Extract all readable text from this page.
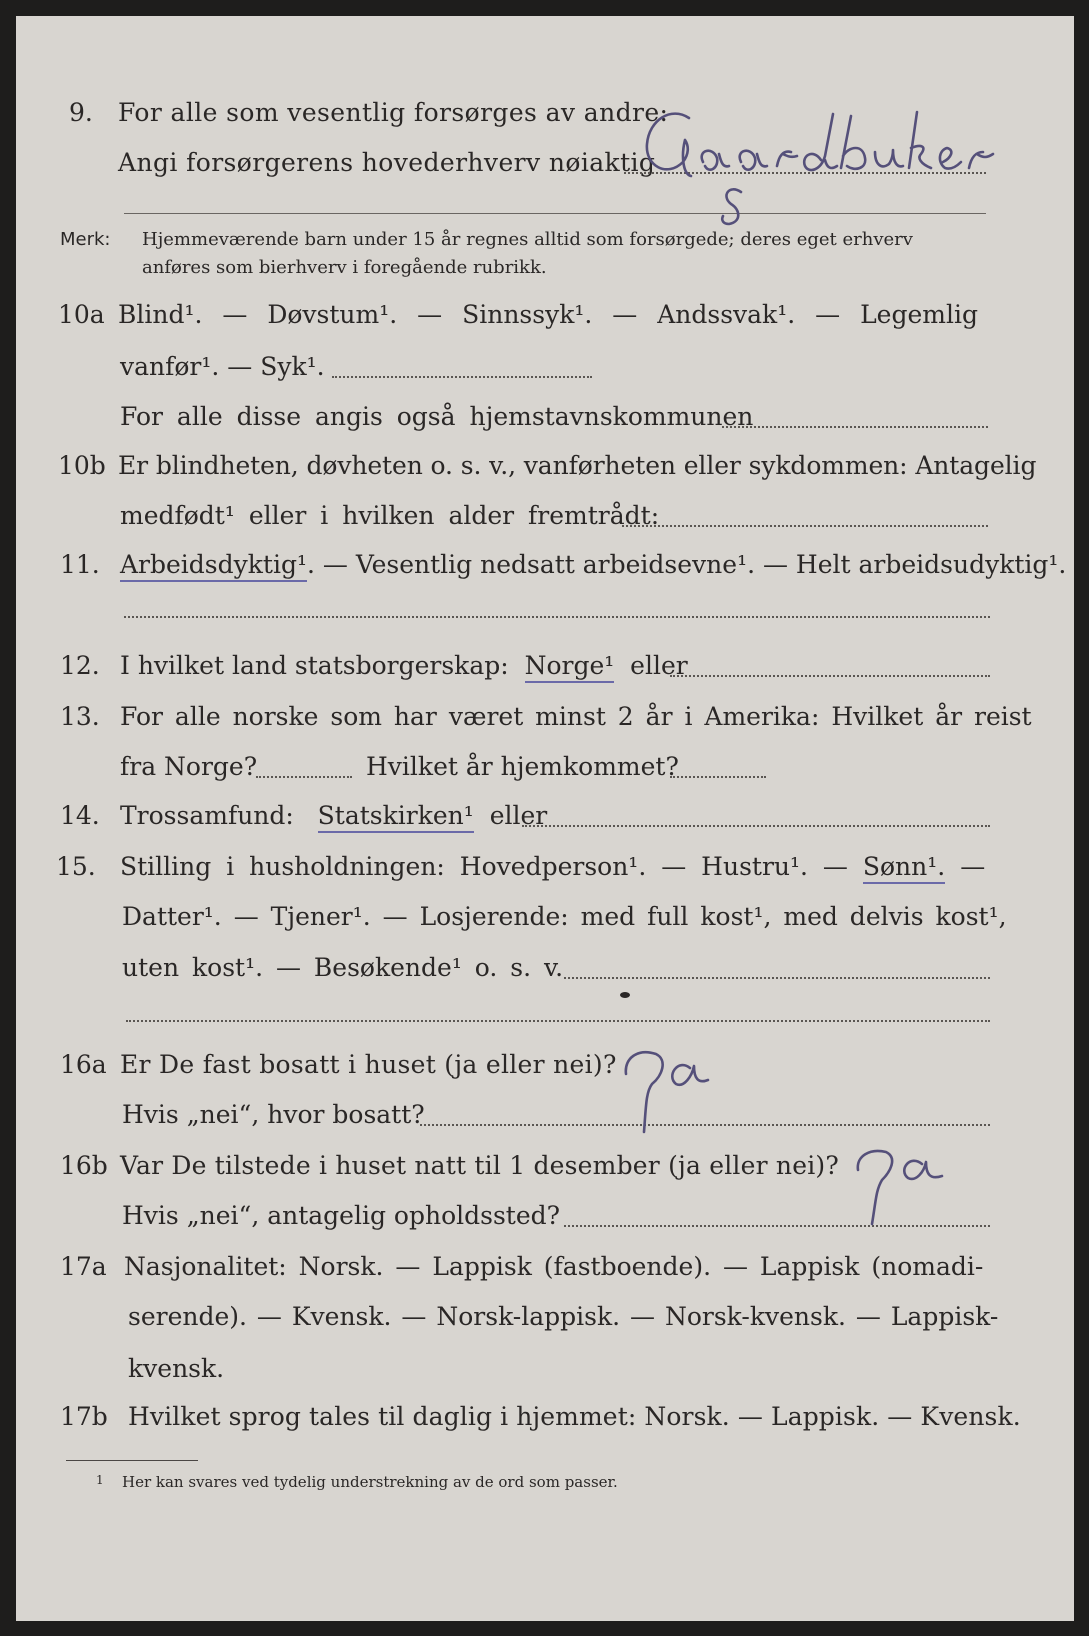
9. For alle som vesentlig forsørges av andre:
Angi forsørgerens hovederhverv nøiaktig
Merk: Hjemmeværende barn under 15 år regnes alltid som forsørgede; deres eget erhverv
anføres som bierhverv i foregående rubrikk.
10a Blind¹. — Døvstum¹. — Sinnssyk¹. — Andssvak¹. — Legemlig
vanfør¹. — Syk¹.
For alle disse angis også hjemstavnskommunen
10b Er blindheten, døvheten o. s. v., vanførheten eller sykdommen: Antagelig
medfødt¹ eller i hvilken alder fremtrådt:
11. Arbeidsdyktig¹. — Vesentlig nedsatt arbeidsevne¹. — Helt arbeidsudyktig¹.
12. I hvilket land statsborgerskap: Norge¹ eller
13. For alle norske som har været minst 2 år i Amerika: Hvilket år reist
fra Norge?	Hvilket år hjemkommet?
14. Trossamfund: Statskirken¹ eller
15. Stilling i husholdningen: Hovedperson¹. — Hustru¹. — Sønn¹. —
Datter¹. — Tjener¹. — Losjerende: med full kost¹, med delvis kost¹,
uten kost¹. — Besøkende¹ o. s. v.
16a Er De fast bosatt i huset (ja eller nei)?
Hvis „nei“, hvor bosatt?
16b Var De tilstede i huset natt til 1 desember (ja eller nei)?
Hvis „nei“, antagelig opholdssted?
17a Nasjonalitet: Norsk. — Lappisk (fastboende). — Lappisk (nomadi-
serende). — Kvensk. — Norsk-lappisk. — Norsk-kvensk. — Lappisk-
kvensk.
17b Hvilket sprog tales til daglig i hjemmet: Norsk. — Lappisk. — Kvensk.
1 Her kan svares ved tydelig understrekning av de ord som passer.
